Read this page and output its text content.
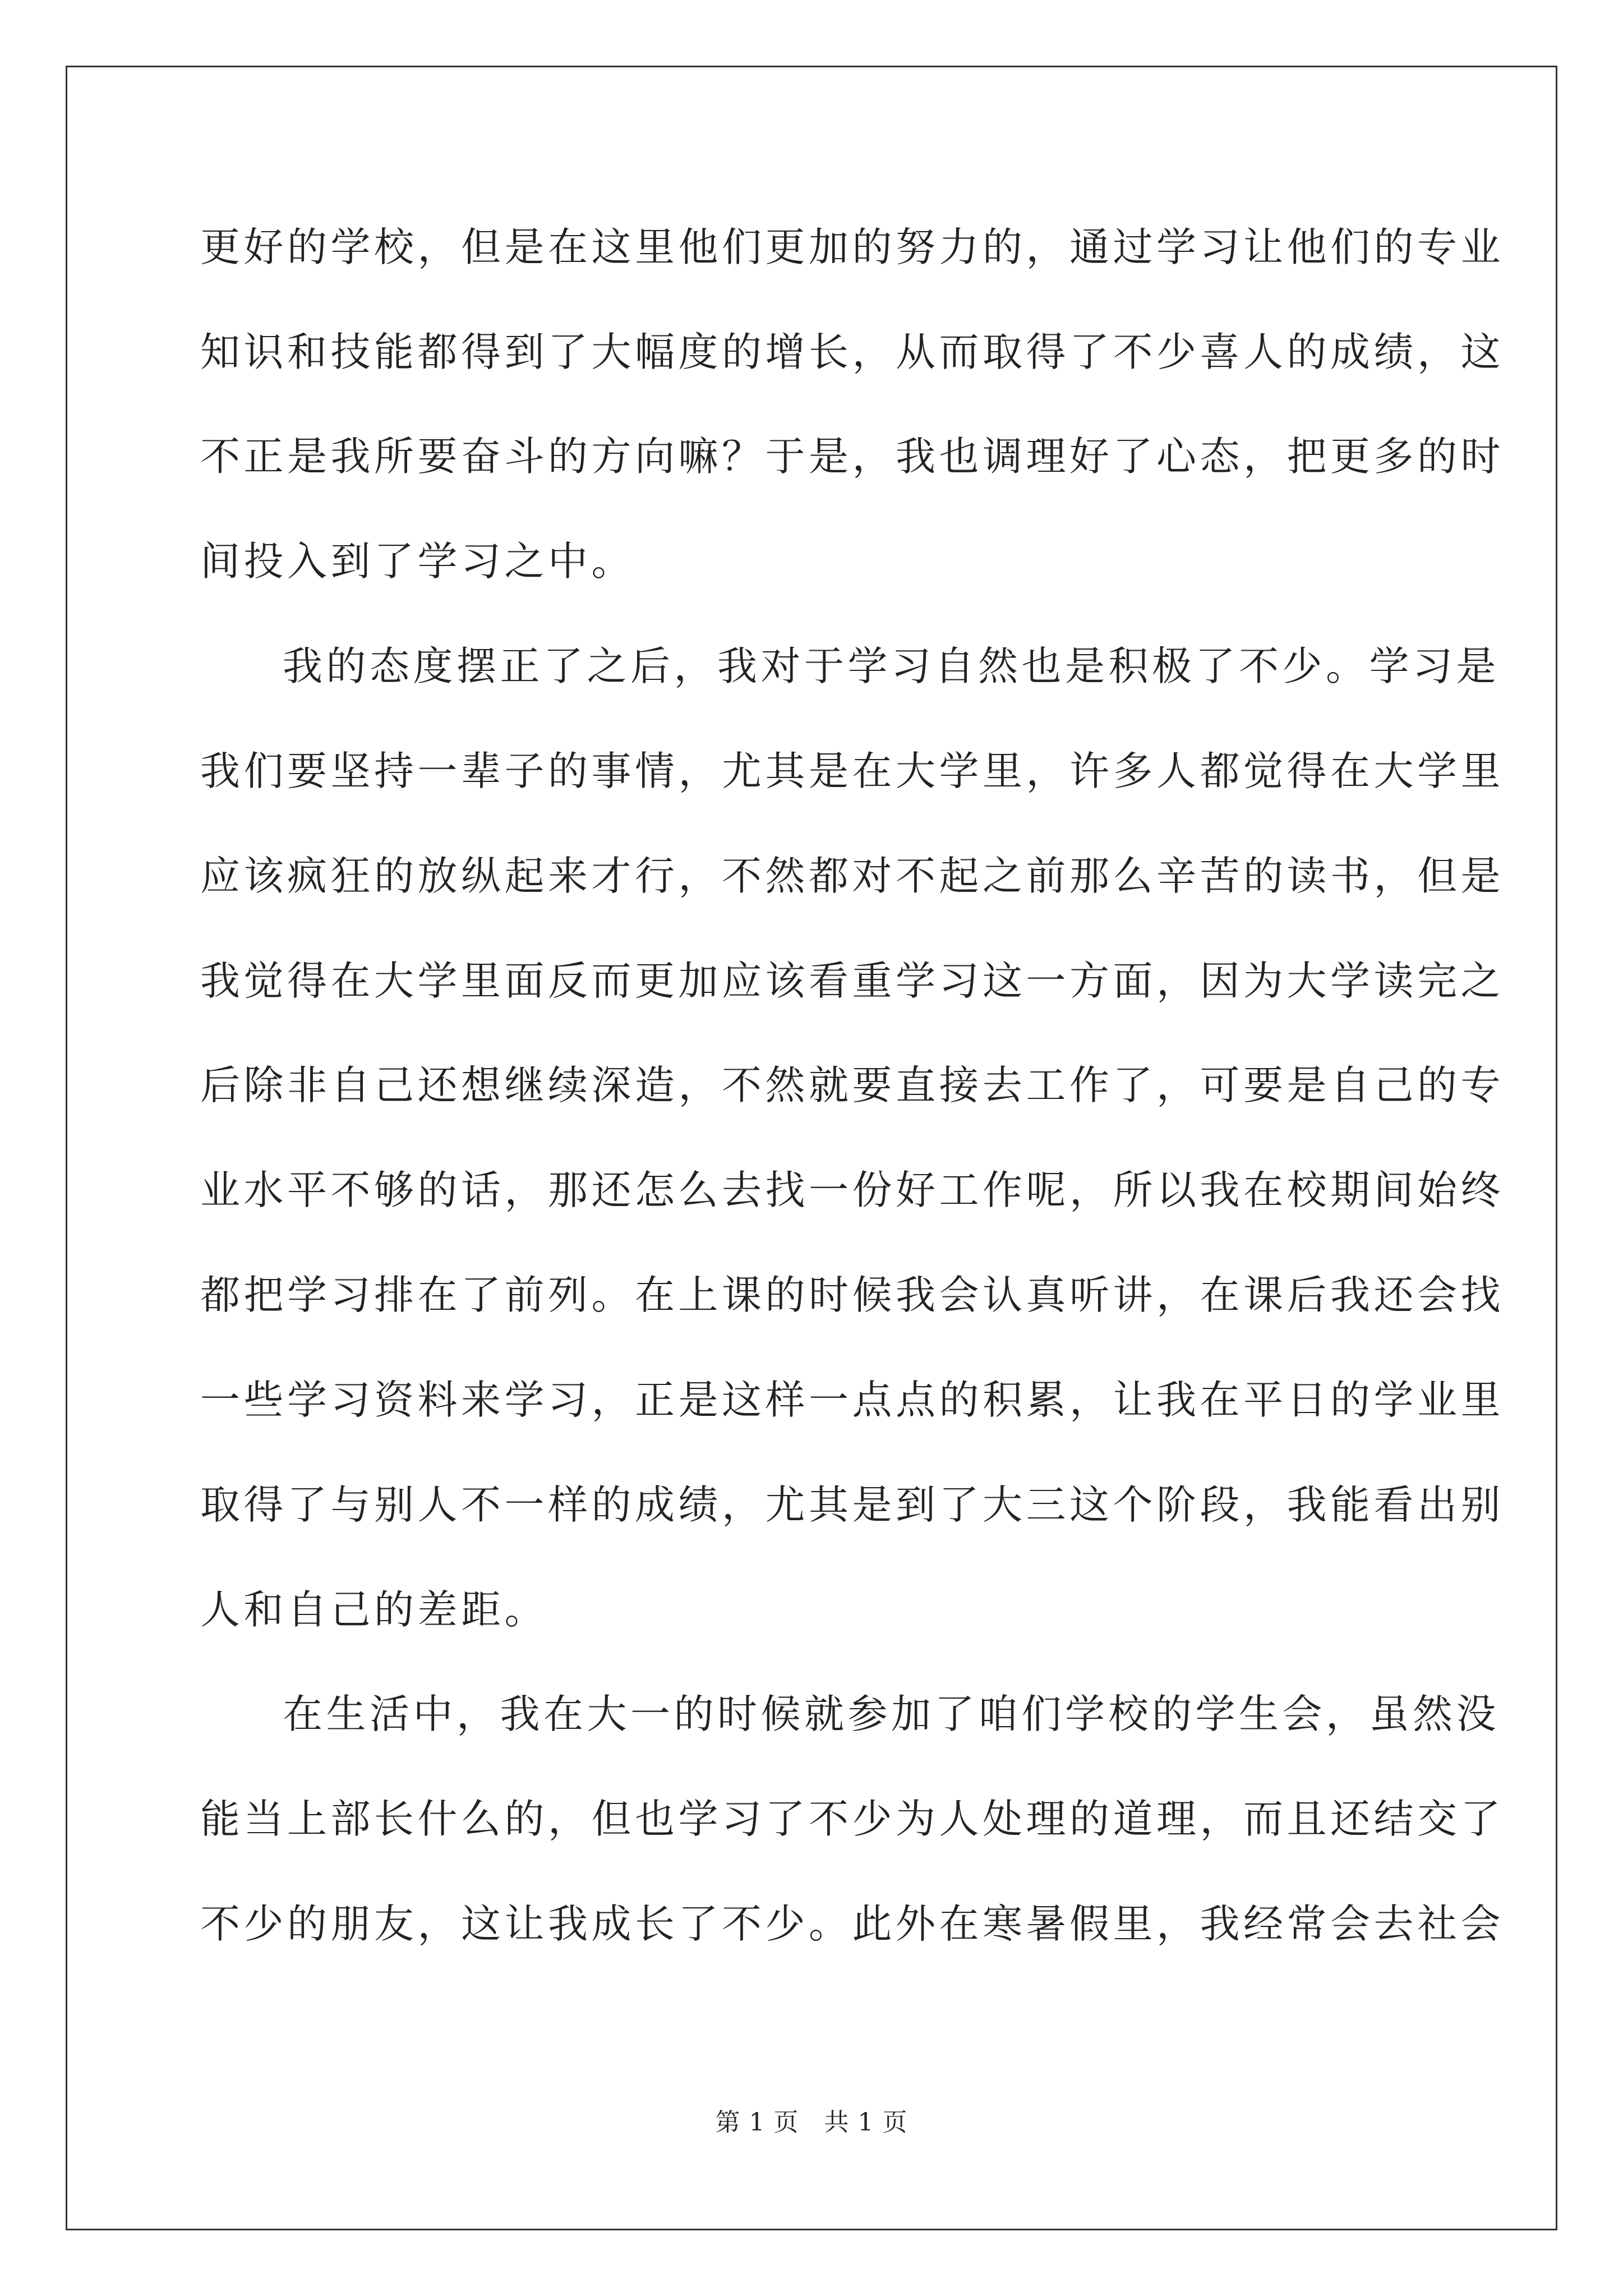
更好的学校，但是在这里他们更加的努力的，通过学习让他们的专业
知识和技能都得到了大幅度的增长，从而取得了不少喜人的成绩，这
不正是我所要奋斗的方向嘛？于是，我也调理好了心态，把更多的时
间投入到了学习之中。
我的态度摆正了之后，我对于学习自然也是积极了不少。学习是
我们要坚持一辈子的事情，尤其是在大学里，许多人都觉得在大学里
应该疯狂的放纵起来才行，不然都对不起之前那么辛苦的读书，但是
我觉得在大学里面反而更加应该看重学习这一方面，因为大学读完之
后除非自己还想继续深造，不然就要直接去工作了，可要是自己的专
业水平不够的话，那还怎么去找一份好工作呢，所以我在校期间始终
都把学习排在了前列。在上课的时候我会认真听讲，在课后我还会找
一些学习资料来学习，正是这样一点点的积累，让我在平日的学业里
取得了与别人不一样的成绩，尤其是到了大三这个阶段，我能看出别
人和自己的差距。
在生活中，我在大一的时候就参加了咱们学校的学生会，虽然没
能当上部长什么的，但也学习了不少为人处理的道理，而且还结交了
不少的朋友，这让我成长了不少。此外在寒暑假里，我经常会去社会
第 1 页　共 1 页
